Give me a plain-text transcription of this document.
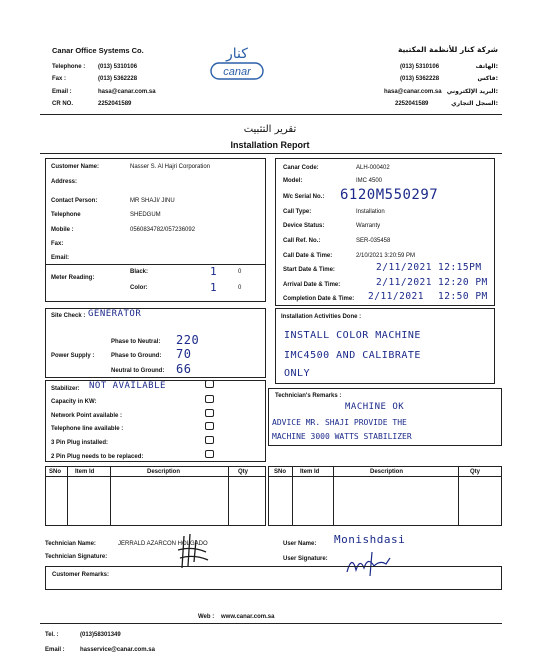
Canar Office Systems Co.
Telephone : (013) 5310106
Fax :	(013) 5362228
Email :	hasa@canar.com.sa
CR NO.	2252041589
كنار
canar
شركة كنار للأنظمة المكتبية
(013) 5310106	الهاتف:
(013) 5362228	فاكس:
hasa@canar.com.sa البريد الإلكتروني:
2252041589	السجل التجاري:
تقرير التثبيت
Installation Report
Customer Name:	Nasser S. Al Hajri Corporation
Address:
Contact Person:	MR SHAJI/ JINU
Telephone	SHEDGUM
Mobile :	0560834782/057236092
Fax:
Email:
Meter Reading:
Black:	1	0
Color:	1	0
Canar Code:	ALH-000402
Model:	IMC 4500
M/c Serial No.: 6120M550297
Call Type:	Installation
Device Status:	Warranty
Call Ref. No.:	SER-035458
Call Date & Time:	2/10/2021 3:20:59 PM
Start Date & Time:	2/11/2021 12:15PM
Arrival Date & Time:	2/11/2021 12:20 PM
Completion Date & Time: 2/11/2021 12:50 PM
Site Check : GENERATOR
Phase to Neutral: 220
Power Supply :	Phase to Ground: 70
Neutral to Ground: 66
Stabilizer: NOT AVAILABLE
Capacity in KW:
Network Point available :
Telephone line available :
3 Pin Plug installed:
2 Pin Plug needs to be replaced:
Installation Activities Done :
INSTALL COLOR MACHINE
IMC4500 AND CALIBRATE
ONLY
Technician's Remarks :
MACHINE OK
ADVICE MR. SHAJI PROVIDE THE
MACHINE 3000 WATTS STABILIZER
SNo Item Id	Description	Qty	SNo Item Id	Description	Qty
Technician Name:	JERRALD AZARCON HOLGADO
Technician Signature:
User Name: Monishdasi
User Signature:
Customer Remarks:
Web : www.canar.com.sa
Tel. :	(013)58301349
Email :	hasservice@canar.com.sa
